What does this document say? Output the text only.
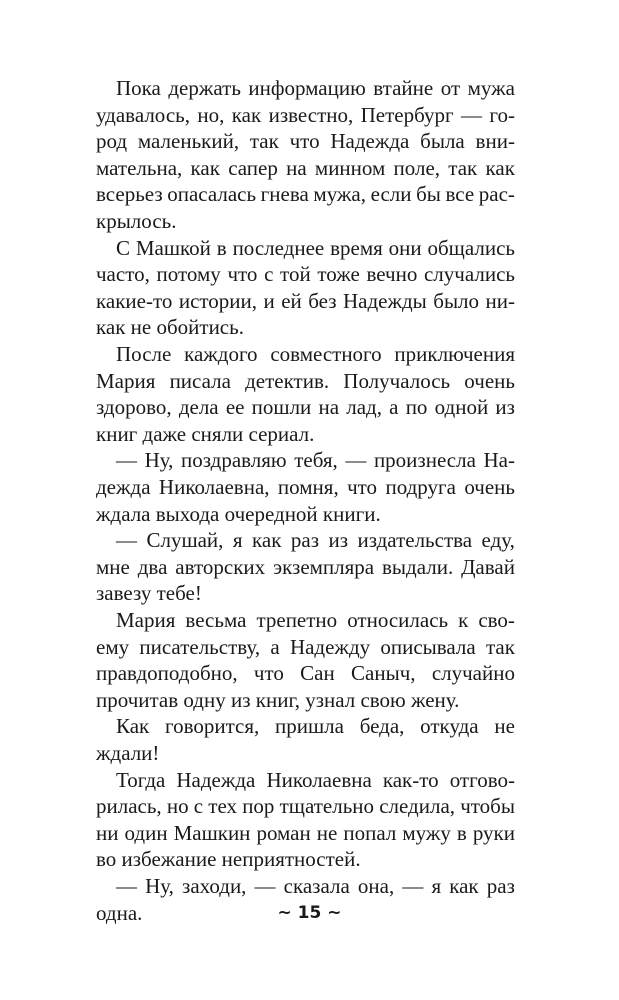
Пока держать информацию втайне от мужа
удавалось, но, как известно, Петербург — го-
род маленький, так что Надежда была вни-
мательна, как сапер на минном поле, так как
всерьез опасалась гнева мужа, если бы все рас-
крылось.
С Машкой в последнее время они общались
часто, потому что с той тоже вечно случались
какие-то истории, и ей без Надежды было ни-
как не обойтись.
После каждого совместного приключения
Мария писала детектив. Получалось очень
здорово, дела ее пошли на лад, а по одной из
книг даже сняли сериал.
— Ну, поздравляю тебя, — произнесла На-
дежда Николаевна, помня, что подруга очень
ждала выхода очередной книги.
— Слушай, я как раз из издательства еду,
мне два авторских экземпляра выдали. Давай
завезу тебе!
Мария весьма трепетно относилась к сво-
ему писательству, а Надежду описывала так
правдоподобно, что Сан Саныч, случайно
прочитав одну из книг, узнал свою жену.
Как говорится, пришла беда, откуда не
ждали!
Тогда Надежда Николаевна как-то отгово-
рилась, но с тех пор тщательно следила, чтобы
ни один Машкин роман не попал мужу в руки
во избежание неприятностей.
— Ну, заходи, — сказала она, — я как раз
одна.	~ 15 ~
